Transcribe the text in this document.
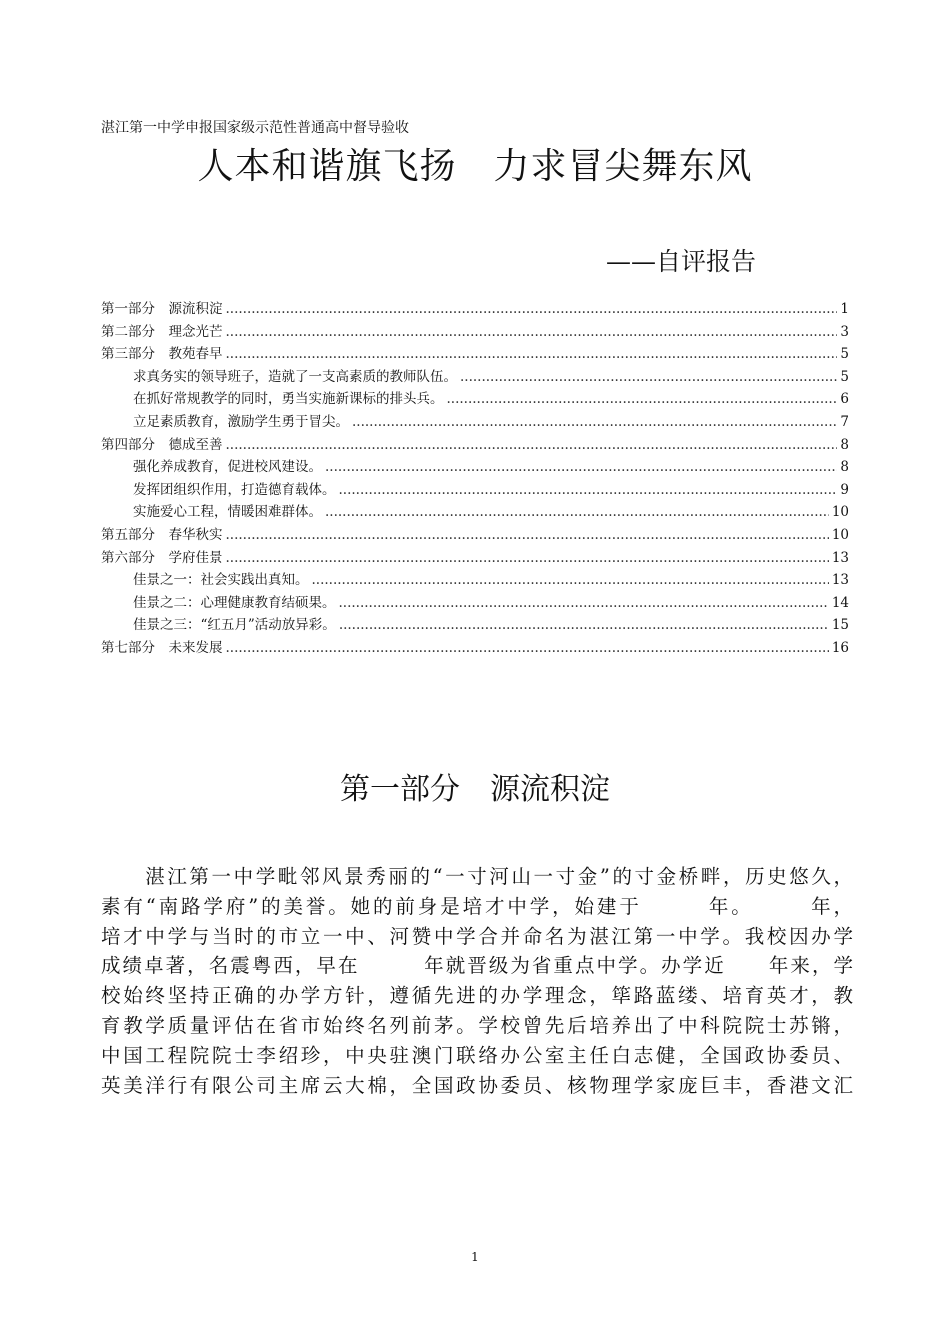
湛江第一中学申报国家级示范性普通高中督导验收
人本和谐旗飞扬　力求冒尖舞东风
——自评报告
第一部分　源流积淀 .....	1
第二部分　理念光芒 .....	3
第三部分　教苑春早 .....	5
求真务实的领导班子，造就了一支高素质的教师队伍。 .....	5
在抓好常规教学的同时，勇当实施新课标的排头兵。 .....	6
立足素质教育，激励学生勇于冒尖。 .....	7
第四部分　德成至善 .....	8
强化养成教育，促进校风建设。 .....	8
发挥团组织作用，打造德育载体。 .....	9
实施爱心工程，情暖困难群体。 .....	10
第五部分　春华秋实 .....	10
第六部分　学府佳景 .....	13
佳景之一：社会实践出真知。 .....	13
佳景之二：心理健康教育结硕果。 .....	14
佳景之三：“红五月”活动放异彩。 .....	15
第七部分　未来发展 .....	16
第一部分　源流积淀
　　湛江第一中学毗邻风景秀丽的“一寸河山一寸金”的寸金桥畔，历史悠久，
素有“南路学府”的美誉。她的前身是培才中学，始建于　　　年。　　　年，
培才中学与当时的市立一中、河赞中学合并命名为湛江第一中学。我校因办学
成绩卓著，名震粤西，早在　　　年就晋级为省重点中学。办学近　　年来，学
校始终坚持正确的办学方针，遵循先进的办学理念，筚路蓝缕、培育英才，教
育教学质量评估在省市始终名列前茅。学校曾先后培养出了中科院院士苏锵，
中国工程院院士李绍珍，中央驻澳门联络办公室主任白志健，全国政协委员、
英美洋行有限公司主席云大棉，全国政协委员、核物理学家庞巨丰，香港文汇
1
